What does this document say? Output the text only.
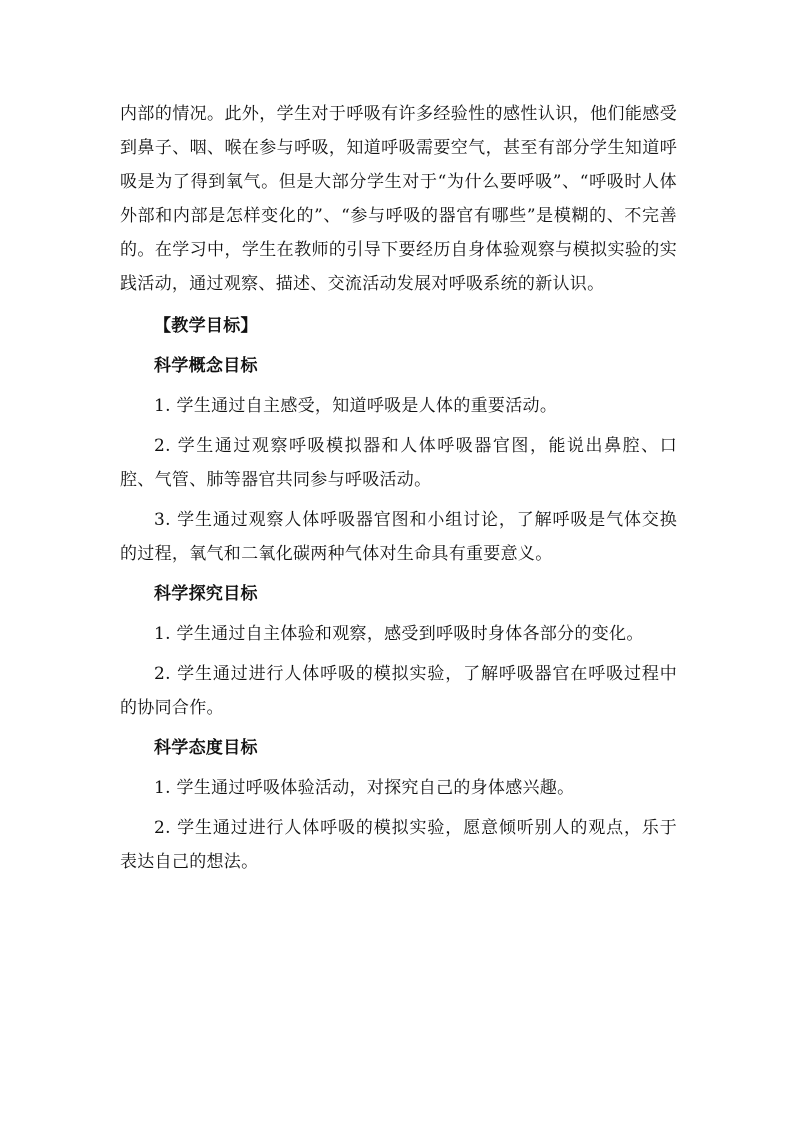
内部的情况。此外，学生对于呼吸有许多经验性的感性认识，他们能感受到鼻子、咽、喉在参与呼吸，知道呼吸需要空气，甚至有部分学生知道呼吸是为了得到氧气。但是大部分学生对于“为什么要呼吸”、“呼吸时人体外部和内部是怎样变化的”、“参与呼吸的器官有哪些”是模糊的、不完善的。在学习中，学生在教师的引导下要经历自身体验观察与模拟实验的实践活动，通过观察、描述、交流活动发展对呼吸系统的新认识。

【教学目标】

科学概念目标

1. 学生通过自主感受，知道呼吸是人体的重要活动。

2. 学生通过观察呼吸模拟器和人体呼吸器官图，能说出鼻腔、口腔、气管、肺等器官共同参与呼吸活动。

3. 学生通过观察人体呼吸器官图和小组讨论，了解呼吸是气体交换的过程，氧气和二氧化碳两种气体对生命具有重要意义。

科学探究目标

1. 学生通过自主体验和观察，感受到呼吸时身体各部分的变化。

2. 学生通过进行人体呼吸的模拟实验，了解呼吸器官在呼吸过程中的协同合作。

科学态度目标

1. 学生通过呼吸体验活动，对探究自己的身体感兴趣。

2. 学生通过进行人体呼吸的模拟实验，愿意倾听别人的观点，乐于表达自己的想法。
